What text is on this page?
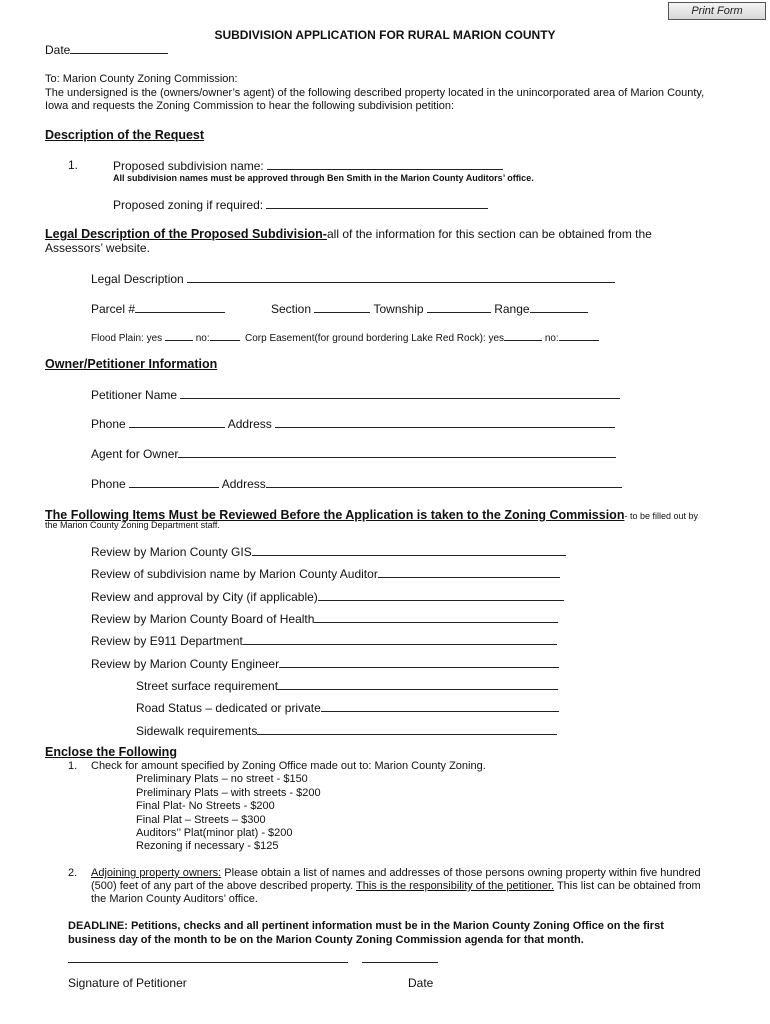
Print Form
SUBDIVISION APPLICATION FOR RURAL MARION COUNTY
Date
To: Marion County Zoning Commission:
The undersigned is the (owners/owner’s agent) of the following described property located in the unincorporated area of Marion County,
Iowa and requests the Zoning Commission to hear the following subdivision petition:
Description of the Request
1.	Proposed subdivision name:
All subdivision names must be approved through Ben Smith in the Marion County Auditors’ office.
Proposed zoning if required:
Legal Description of the Proposed Subdivision-all of the information for this section can be obtained from the
Assessors’ website.
Legal Description
Parcel #	Section	Township	Range
Flood Plain: yes	no:	Corp Easement(for ground bordering Lake Red Rock): yes	no:
Owner/Petitioner Information
Petitioner Name
Phone	Address
Agent for Owner
Phone	Address
The Following Items Must be Reviewed Before the Application is taken to the Zoning Commission- to be filled out by
the Marion County Zoning Department staff.
Review by Marion County GIS
Review of subdivision name by Marion County Auditor
Review and approval by City (if applicable)
Review by Marion County Board of Health
Review by E911 Department
Review by Marion County Engineer
Street surface requirement
Road Status – dedicated or private
Sidewalk requirements
Enclose the Following
1. Check for amount specified by Zoning Office made out to: Marion County Zoning.
Preliminary Plats – no street - $150
Preliminary Plats – with streets - $200
Final Plat- No Streets - $200
Final Plat – Streets – $300
Auditors’’ Plat(minor plat) - $200
Rezoning if necessary - $125
2. Adjoining property owners: Please obtain a list of names and addresses of those persons owning property within five hundred
(500) feet of any part of the above described property. This is the responsibility of the petitioner. This list can be obtained from
the Marion County Auditors’ office.
DEADLINE: Petitions, checks and all pertinent information must be in the Marion County Zoning Office on the first
business day of the month to be on the Marion County Zoning Commission agenda for that month.
Signature of Petitioner	Date
